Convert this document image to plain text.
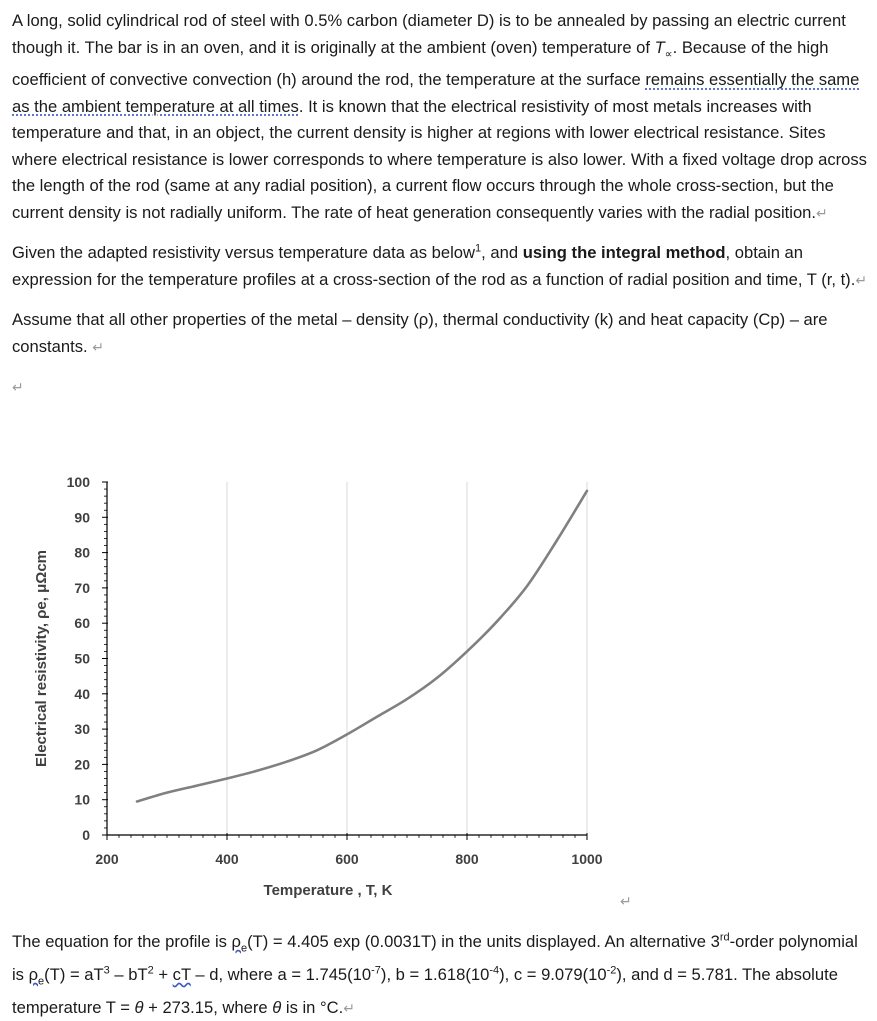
A long, solid cylindrical rod of steel with 0.5% carbon (diameter D) is to be annealed by passing an electric current though it. The bar is in an oven, and it is originally at the ambient (oven) temperature of $T_\propto$. Because of the high coefficient of convective convection (h) around the rod, the temperature at the surface remains essentially the same as the ambient temperature at all times. It is known that the electrical resistivity of most metals increases with temperature and that, in an object, the current density is higher at regions with lower electrical resistance. Sites where electrical resistance is lower corresponds to where temperature is also lower. With a fixed voltage drop across the length of the rod (same at any radial position), a current flow occurs through the whole cross-section, but the current density is not radially uniform. The rate of heat generation consequently varies with the radial position.↵

Given the adapted resistivity versus temperature data as below$^1$, and using the integral method, obtain an expression for the temperature profiles at a cross-section of the rod as a function of radial position and time, T (r, t).↵

Assume that all other properties of the metal – density (ρ), thermal conductivity (k) and heat capacity (Cp) – are constants. ↵

↵
0
10
20
30
40
50
60
70
80
90
100
200	400	600	800	1000
Temperature , T, K
Electrical resistivity, ρe, μΩcm
↵

The equation for the profile is $\rho_e(T) = 4.405$ exp (0.0031T) in the units displayed. An alternative 3rd-order polynomial is $\rho_e(T) = aT^3 - bT^2$ + cT – d, where $a = 1.745(10^{-7})$, $b = 1.618(10^{-4})$, $c = 9.079(10^{-2})$, and d = 5.781. The absolute temperature T = θ + 273.15, where θ is in °C.↵
